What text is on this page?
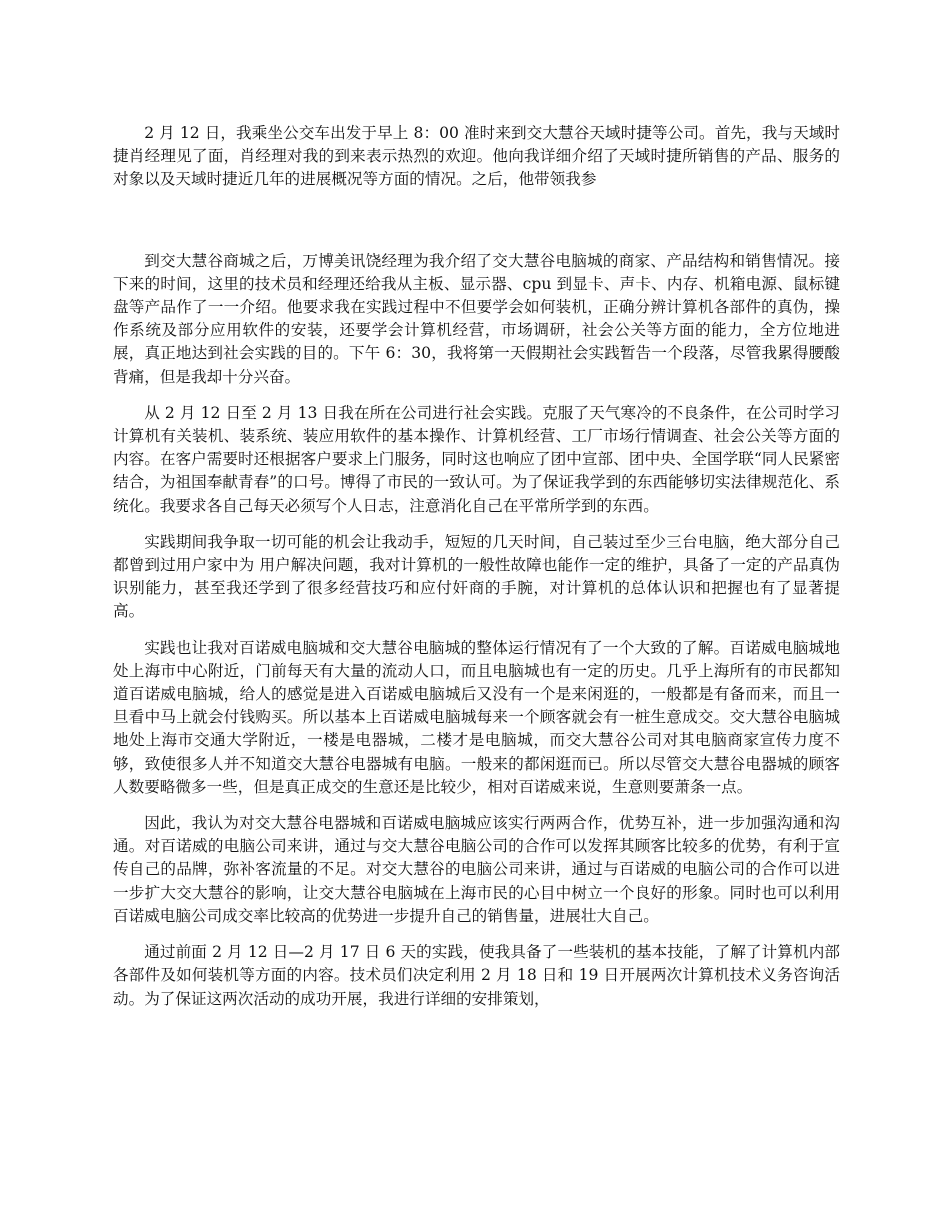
2 月 12 日，我乘坐公交车出发于早上 8：00 准时来到交大慧谷天域时捷等公司。首先，我与天域时捷肖经理见了面，肖经理对我的到来表示热烈的欢迎。他向我详细介绍了天域时捷所销售的产品、服务的对象以及天域时捷近几年的进展概况等方面的情况。之后，他带领我参

到交大慧谷商城之后，万博美讯饶经理为我介绍了交大慧谷电脑城的商家、产品结构和销售情况。接下来的时间，这里的技术员和经理还给我从主板、显示器、cpu 到显卡、声卡、内存、机箱电源、鼠标键盘等产品作了一一介绍。他要求我在实践过程中不但要学会如何装机，正确分辨计算机各部件的真伪，操作系统及部分应用软件的安装，还要学会计算机经营，市场调研，社会公关等方面的能力，全方位地进展，真正地达到社会实践的目的。下午 6：30，我将第一天假期社会实践暂告一个段落，尽管我累得腰酸背痛，但是我却十分兴奋。

从 2 月 12 日至 2 月 13 日我在所在公司进行社会实践。克服了天气寒冷的不良条件，在公司时学习计算机有关装机、装系统、装应用软件的基本操作、计算机经营、工厂市场行情调查、社会公关等方面的内容。在客户需要时还根据客户要求上门服务，同时这也响应了团中宣部、团中央、全国学联“同人民紧密结合，为祖国奉献青春”的口号。博得了市民的一致认可。为了保证我学到的东西能够切实法律规范化、系统化。我要求各自己每天必须写个人日志，注意消化自己在平常所学到的东西。

实践期间我争取一切可能的机会让我动手，短短的几天时间，自己装过至少三台电脑，绝大部分自己都曾到过用户家中为 用户解决问题，我对计算机的一般性故障也能作一定的维护，具备了一定的产品真伪识别能力，甚至我还学到了很多经营技巧和应付奸商的手腕，对计算机的总体认识和把握也有了显著提高。

实践也让我对百诺威电脑城和交大慧谷电脑城的整体运行情况有了一个大致的了解。百诺威电脑城地处上海市中心附近，门前每天有大量的流动人口，而且电脑城也有一定的历史。几乎上海所有的市民都知道百诺威电脑城，给人的感觉是进入百诺威电脑城后又没有一个是来闲逛的，一般都是有备而来，而且一旦看中马上就会付钱购买。所以基本上百诺威电脑城每来一个顾客就会有一桩生意成交。交大慧谷电脑城地处上海市交通大学附近，一楼是电器城，二楼才是电脑城，而交大慧谷公司对其电脑商家宣传力度不够，致使很多人并不知道交大慧谷电器城有电脑。一般来的都闲逛而已。所以尽管交大慧谷电器城的顾客人数要略微多一些，但是真正成交的生意还是比较少，相对百诺威来说，生意则要萧条一点。

因此，我认为对交大慧谷电器城和百诺威电脑城应该实行两两合作，优势互补，进一步加强沟通和沟通。对百诺威的电脑公司来讲，通过与交大慧谷电脑公司的合作可以发挥其顾客比较多的优势，有利于宣传自己的品牌，弥补客流量的不足。对交大慧谷的电脑公司来讲，通过与百诺威的电脑公司的合作可以进一步扩大交大慧谷的影响，让交大慧谷电脑城在上海市民的心目中树立一个良好的形象。同时也可以利用百诺威电脑公司成交率比较高的优势进一步提升自己的销售量，进展壮大自己。

通过前面 2 月 12 日—2 月 17 日 6 天的实践，使我具备了一些装机的基本技能，了解了计算机内部各部件及如何装机等方面的内容。技术员们决定利用 2 月 18 日和 19 日开展两次计算机技术义务咨询活动。为了保证这两次活动的成功开展，我进行详细的安排策划，
